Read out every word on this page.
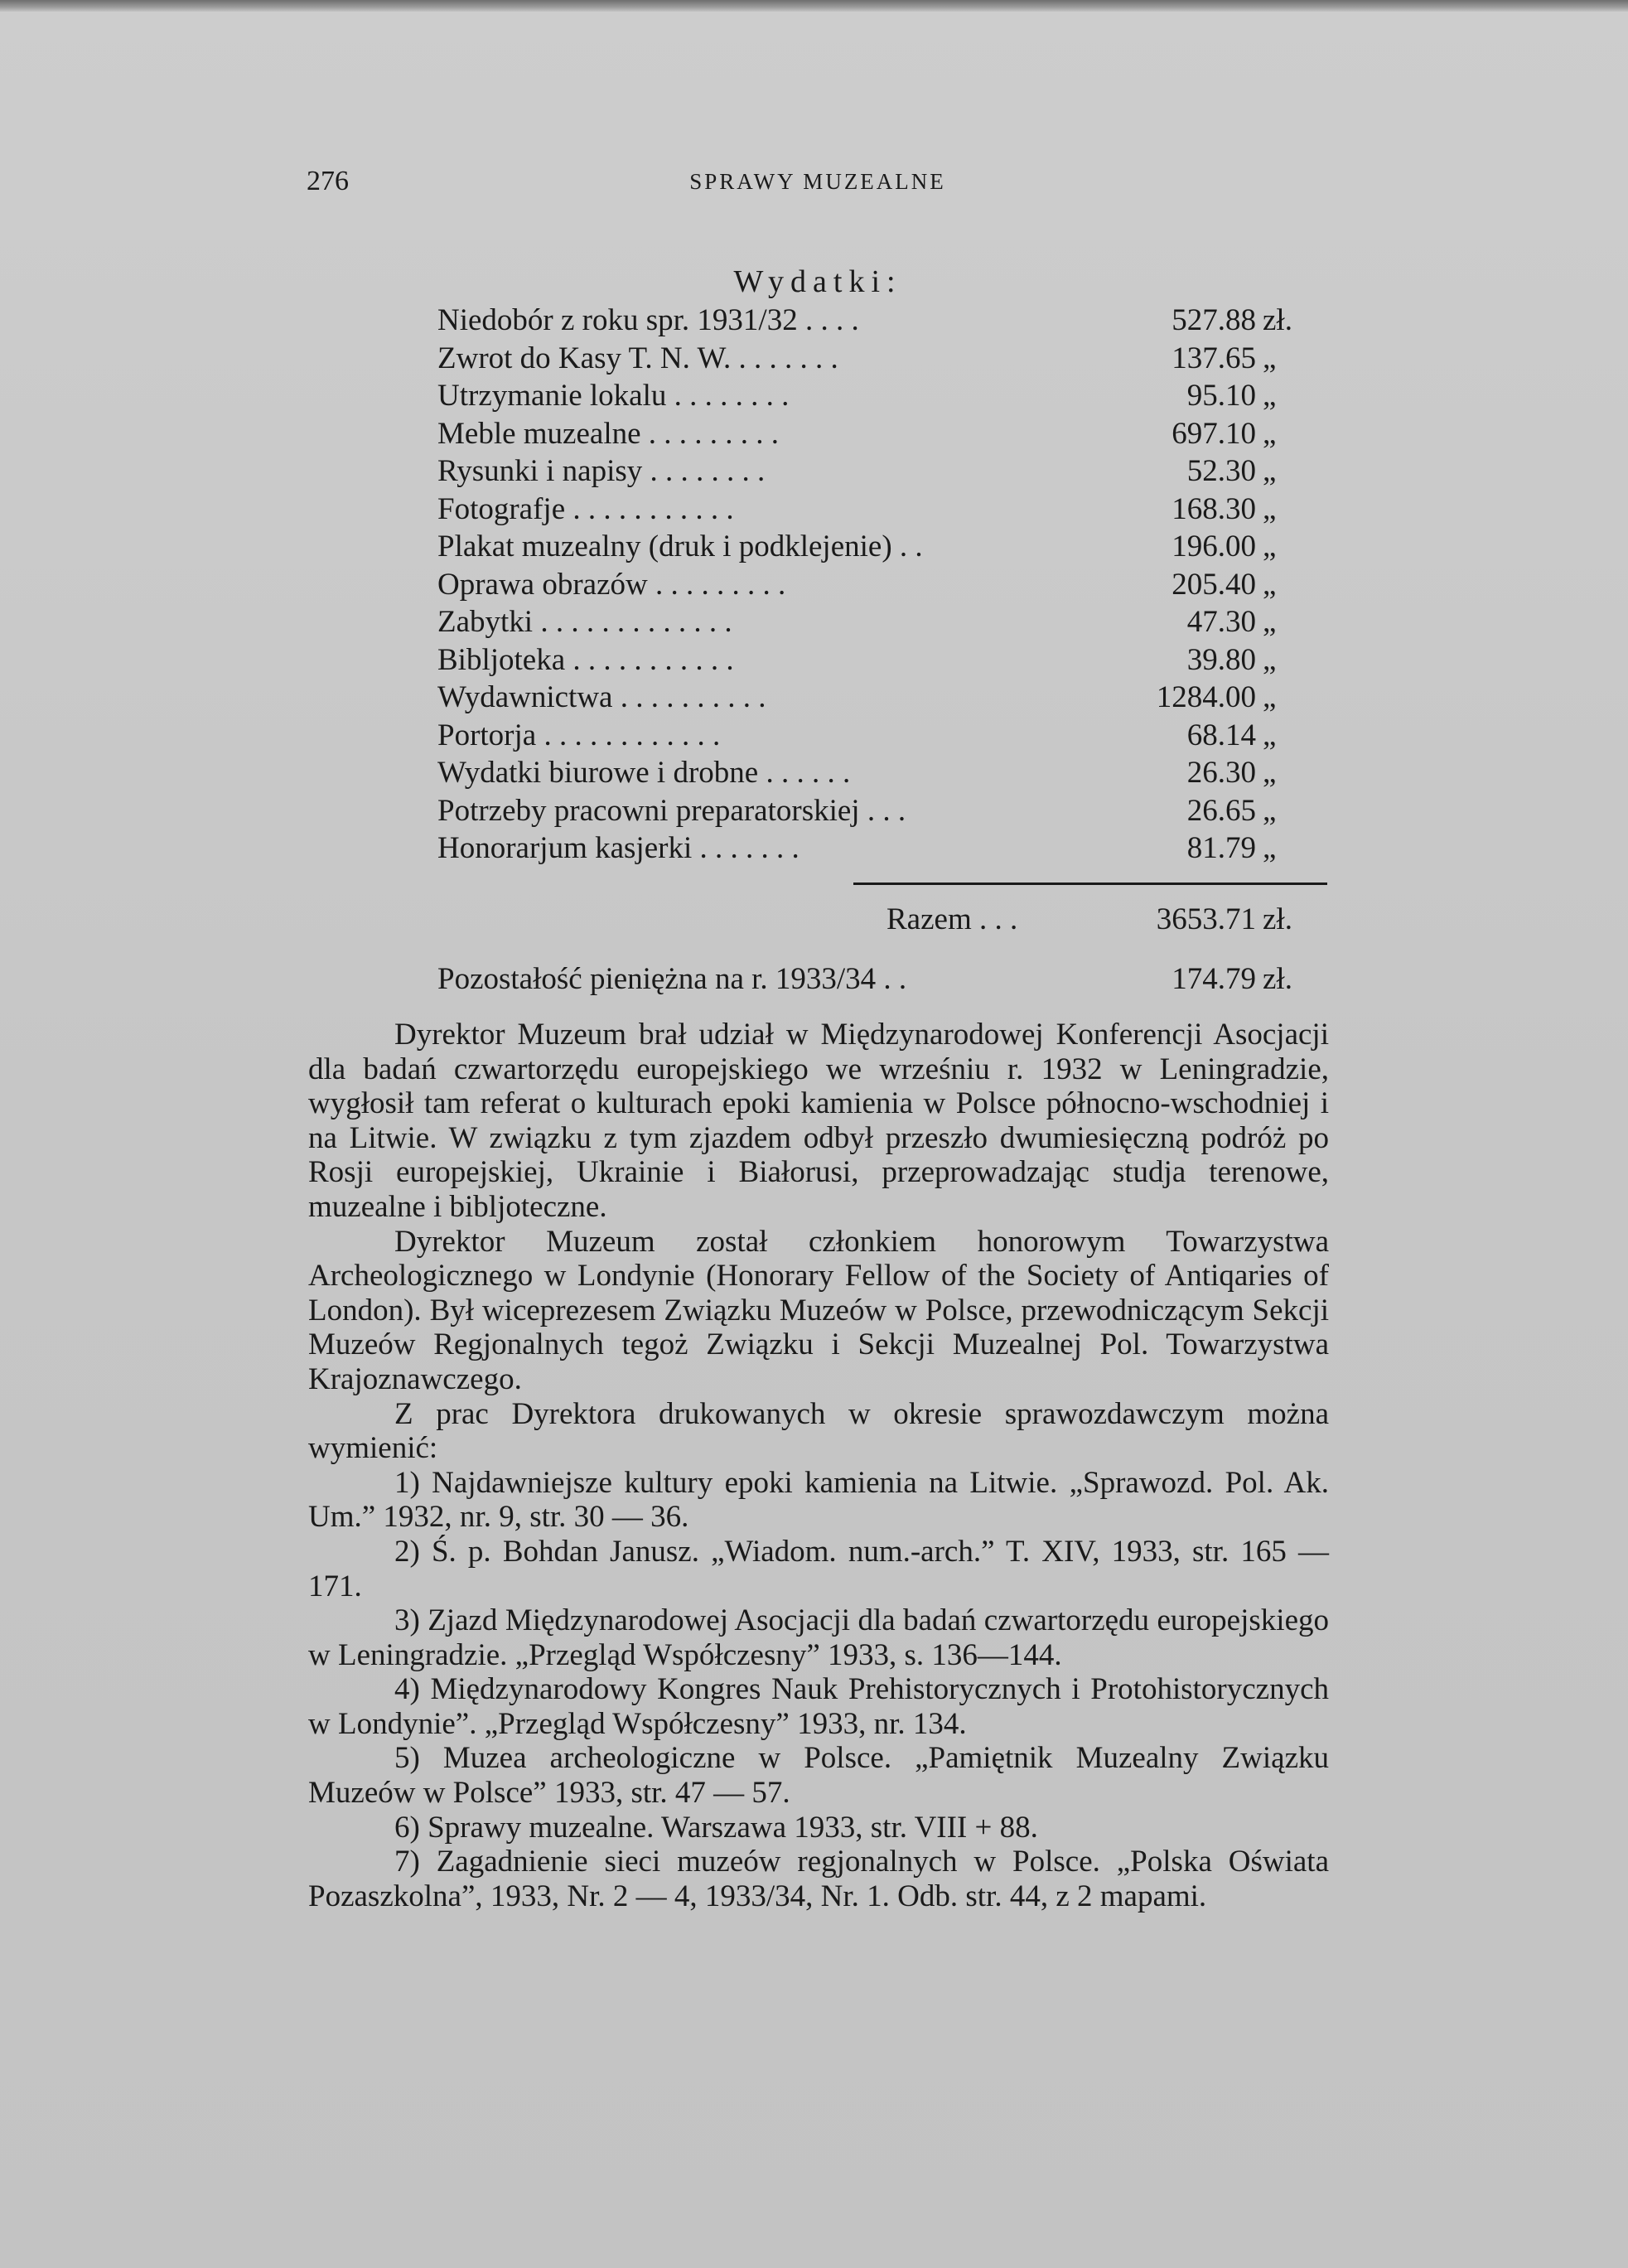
276	SPRAWY MUZEALNE
Wydatki:
Niedobór z roku spr. 1931/32 . . . .	527.88 zł.
Zwrot do Kasy T. N. W. . . . . . . .	137.65 „
Utrzymanie lokalu . . . . . . . .	95.10 „
Meble muzealne . . . . . . . . .	697.10 „
Rysunki i napisy . . . . . . . .	52.30 „
Fotografje . . . . . . . . . . .	168.30 „
Plakat muzealny (druk i podklejenie) . .	196.00 „
Oprawa obrazów . . . . . . . . .	205.40 „
Zabytki . . . . . . . . . . . . .	47.30 „
Bibljoteka . . . . . . . . . . .	39.80 „
Wydawnictwa . . . . . . . . . .	1284.00 „
Portorja . . . . . . . . . . . .	68.14 „
Wydatki biurowe i drobne . . . . . .	26.30 „
Potrzeby pracowni preparatorskiej . . .	26.65 „
Honorarjum kasjerki . . . . . . .	81.79 „
Razem . . .	3653.71 zł.
Pozostałość pieniężna na r. 1933/34 . .	174.79 zł.

Dyrektor Muzeum brał udział w Międzynarodowej Konferencji Asocjacji dla badań czwartorzędu europejskiego we wrześniu r. 1932 w Leningradzie, wygłosił tam referat o kulturach epoki kamienia w Polsce północno-wschodniej i na Litwie. W związku z tym zjazdem odbył przeszło dwumiesięczną podróż po Rosji europejskiej, Ukrainie i Białorusi, przeprowadzając studja terenowe, muzealne i bibljoteczne.

Dyrektor Muzeum został członkiem honorowym Towarzystwa Archeologicznego w Londynie (Honorary Fellow of the Society of Antiqaries of London). Był wiceprezesem Związku Muzeów w Polsce, przewodniczącym Sekcji Muzeów Regjonalnych tegoż Związku i Sekcji Muzealnej Pol. Towarzystwa Krajoznawczego.

Z prac Dyrektora drukowanych w okresie sprawozdawczym można wymienić:

1) Najdawniejsze kultury epoki kamienia na Litwie. „Sprawozd. Pol. Ak. Um.” 1932, nr. 9, str. 30 — 36.

2) Ś. p. Bohdan Janusz. „Wiadom. num.-arch.” T. XIV, 1933, str. 165 — 171.

3) Zjazd Międzynarodowej Asocjacji dla badań czwartorzędu europejskiego w Leningradzie. „Przegląd Współczesny” 1933, s. 136—144.

4) Międzynarodowy Kongres Nauk Prehistorycznych i Protohistorycznych w Londynie”. „Przegląd Współczesny” 1933, nr. 134.

5) Muzea archeologiczne w Polsce. „Pamiętnik Muzealny Związku Muzeów w Polsce” 1933, str. 47 — 57.

6) Sprawy muzealne. Warszawa 1933, str. VIII + 88.

7) Zagadnienie sieci muzeów regjonalnych w Polsce. „Polska Oświata Pozaszkolna”, 1933, Nr. 2 — 4, 1933/34, Nr. 1. Odb. str. 44, z 2 mapami.
